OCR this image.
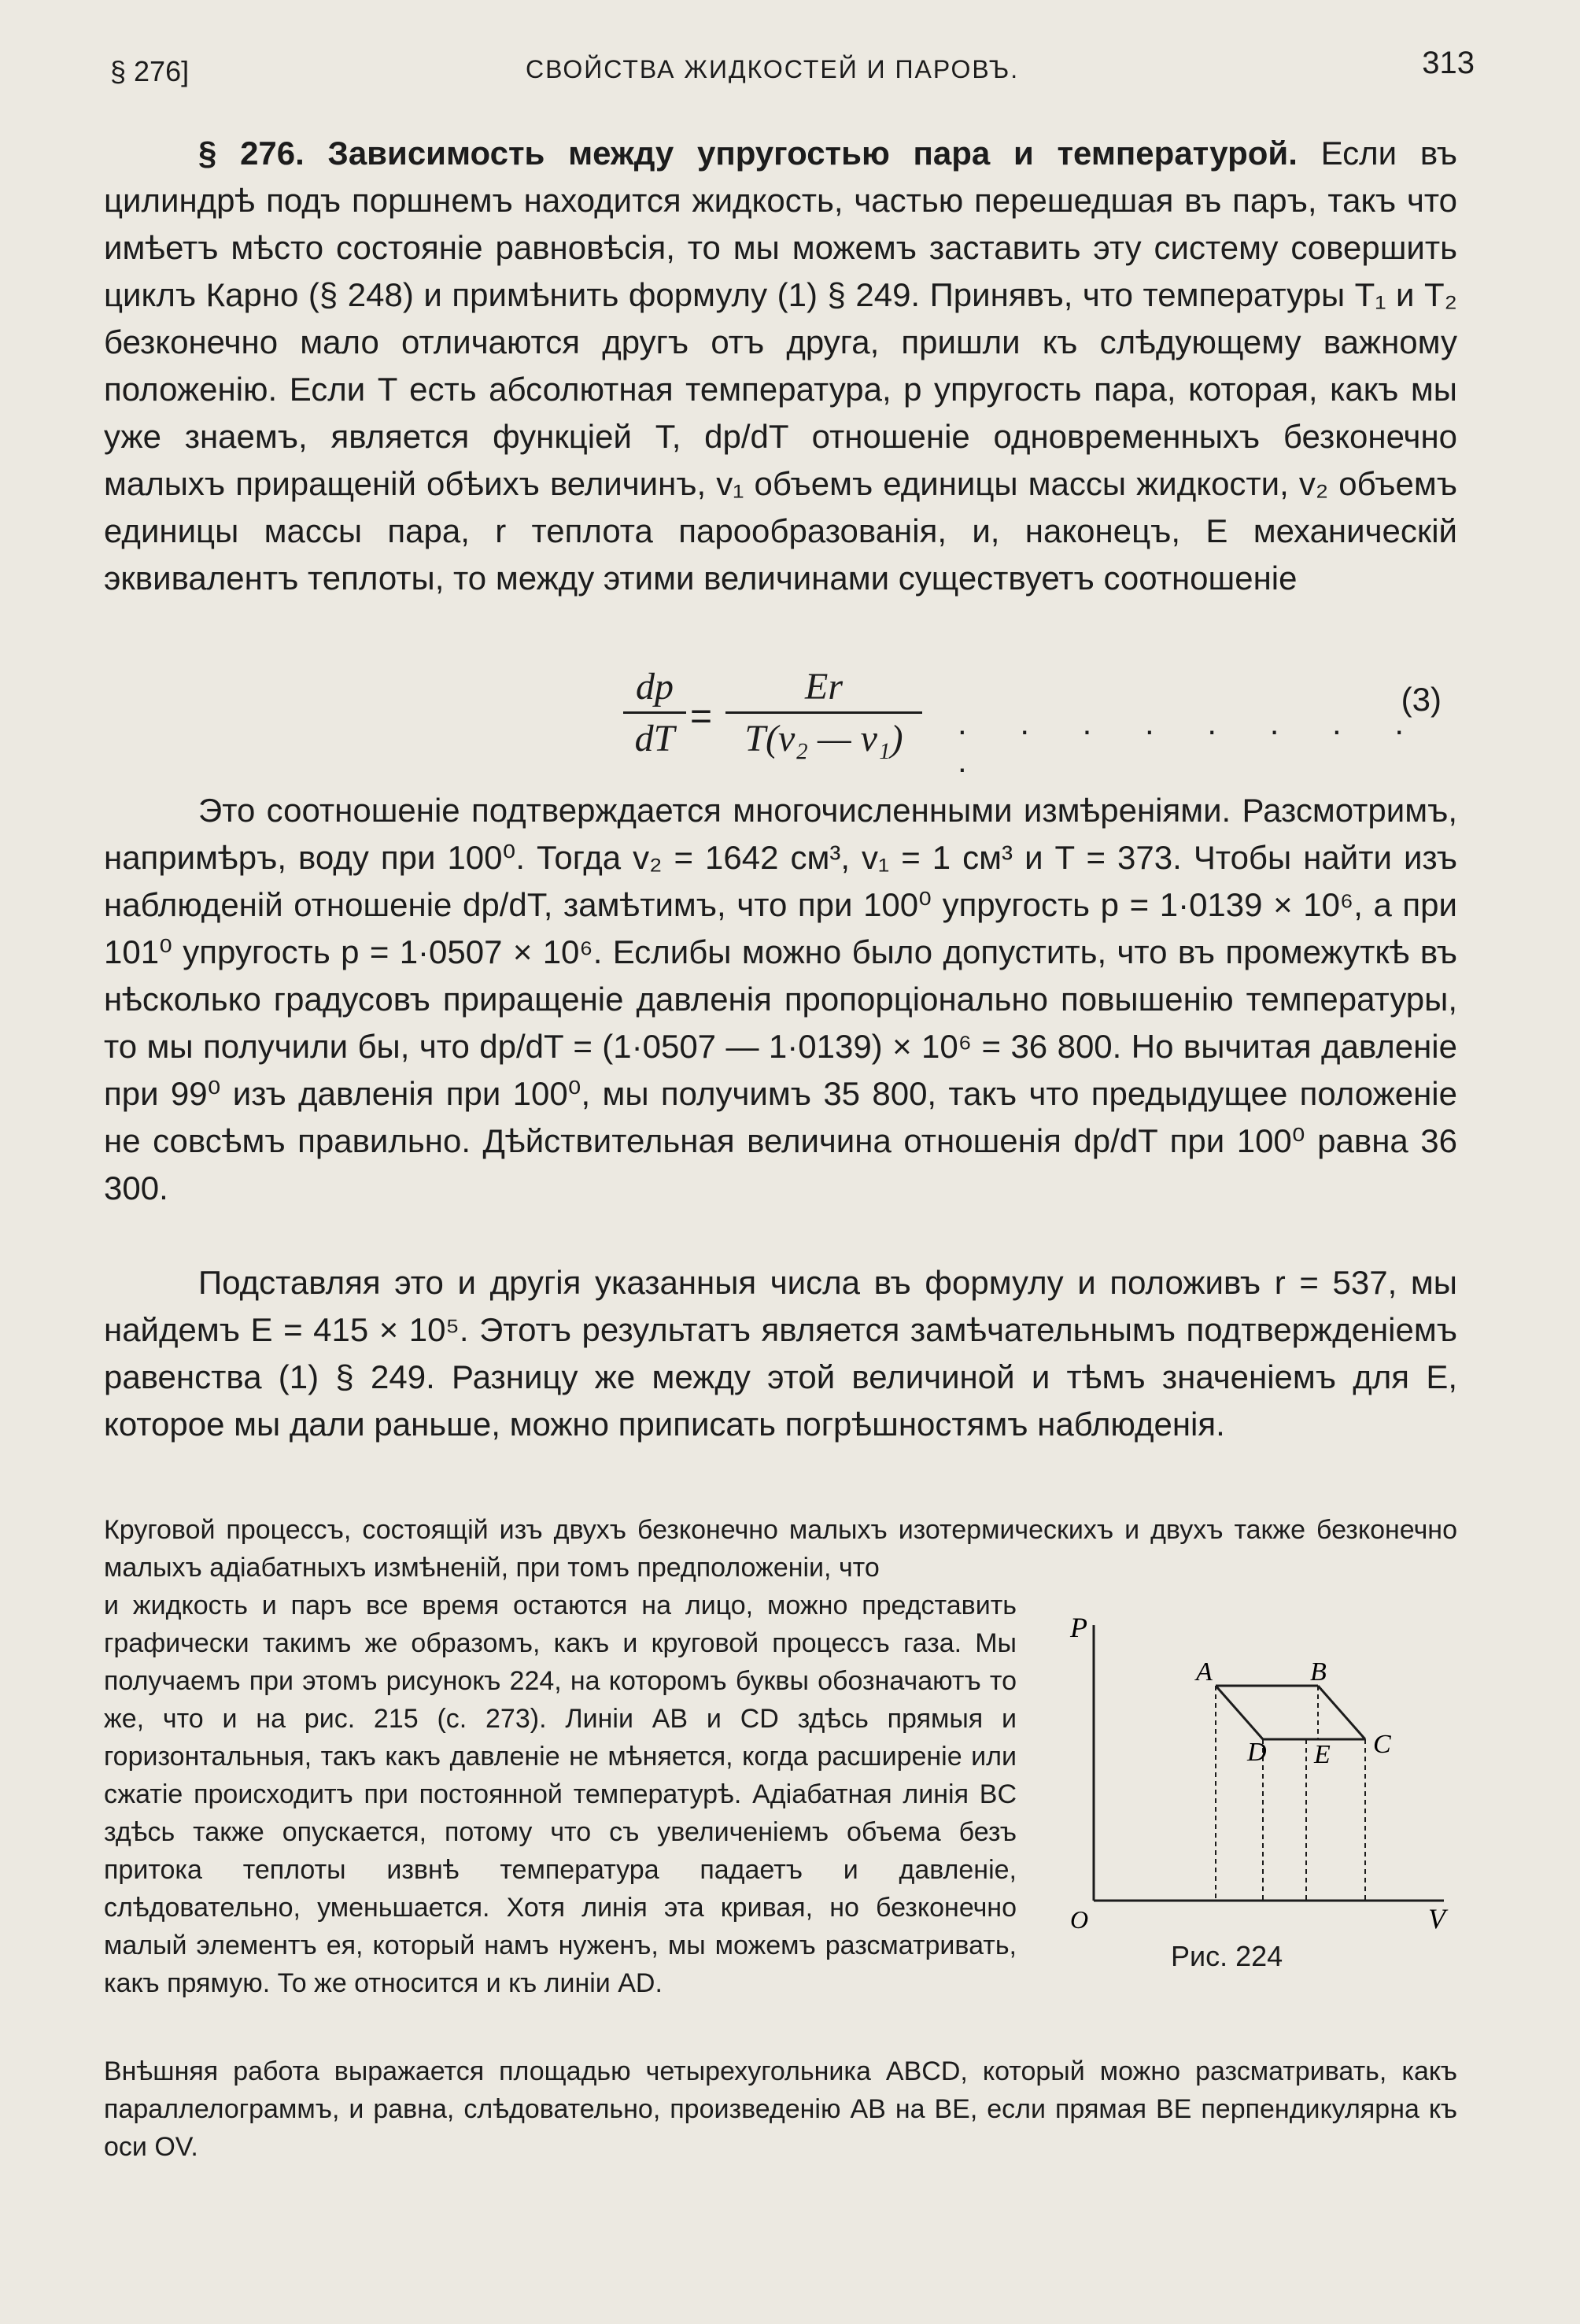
§ 276]	СВОЙСТВА ЖИДКОСТЕЙ И ПАРОВЪ.	313

§ 276. Зависимость между упругостью пара и температурой. Если въ цилиндрѣ подъ поршнемъ находится жидкость, частью перешедшая въ паръ, такъ что имѣетъ мѣсто состояніе равновѣсія, то мы можемъ заставить эту систему совершить циклъ Карно (§ 248) и примѣнить формулу (1) § 249. Принявъ, что температуры T₁ и T₂ безконечно мало отличаются другъ отъ друга, пришли къ слѣдующему важному положенію. Если T есть абсолютная температура, p упругость пара, которая, какъ мы уже знаемъ, является функціей T, dp/dT отношеніе одновременныхъ безконечно малыхъ приращеній обѣихъ величинъ, v₁ объемъ единицы массы жидкости, v₂ объемъ единицы массы пара, r теплота парообразованія, и, наконецъ, E механическій эквивалентъ теплоты, то между этими величинами существуетъ соотношеніе

dp
dT
=
Er
T(v₂ — v₁)	. . . . . . . . .
(3)

Это соотношеніе подтверждается многочисленными измѣреніями. Разсмотримъ, напримѣръ, воду при 100⁰. Тогда v₂ = 1642 см³, v₁ = 1 см³ и T = 373. Чтобы найти изъ наблюденій отношеніе dp/dT, замѣтимъ, что при 100⁰ упругость p = 1·0139 × 10⁶, а при 101⁰ упругость p = 1·0507 × 10⁶. Еслибы можно было допустить, что въ промежуткѣ въ нѣсколько градусовъ приращеніе давленія пропорціонально повышенію температуры, то мы получили бы, что dp/dT = (1·0507 — 1·0139) × 10⁶ = 36 800. Но вычитая давленіе при 99⁰ изъ давленія при 100⁰, мы получимъ 35 800, такъ что предыдущее положеніе не совсѣмъ правильно. Дѣйствительная величина отношенія dp/dT при 100⁰ равна 36 300.

Подставляя это и другія указанныя числа въ формулу и положивъ r = 537, мы найдемъ E = 415 × 10⁵. Этотъ результатъ является замѣчательнымъ подтвержденіемъ равенства (1) § 249. Разницу же между этой величиной и тѣмъ значеніемъ для E, которое мы дали раньше, можно приписать погрѣшностямъ наблюденія.

Круговой процессъ, состоящій изъ двухъ безконечно малыхъ изотермическихъ и двухъ также безконечно малыхъ адіабатныхъ измѣненій, при томъ предположеніи, что

и жидкость и паръ все время остаются на лицо, можно представить графически такимъ же образомъ, какъ и круговой процессъ газа. Мы получаемъ при этомъ рисунокъ 224, на которомъ буквы обозначаютъ то же, что и на рис. 215 (с. 273). Линіи AB и CD здѣсь прямыя и горизонтальныя, такъ какъ давленіе не мѣняется, когда расширеніе или сжатіе происходитъ при постоянной температурѣ. Адіабатная линія BC здѣсь также опускается, потому что съ увеличеніемъ объема безъ притока теплоты извнѣ температура падаетъ и давленіе, слѣдовательно, уменьшается. Хотя линія эта кривая, но безконечно малый элементъ ея, который намъ нуженъ, мы можемъ разсматривать, какъ прямую. То же относится и къ линіи AD.

Внѣшняя работа выражается площадью четырехугольника ABCD, который можно разсматривать, какъ параллелограммъ, и равна, слѣдовательно, произведенію AB на BE, если прямая BE перпендикулярна къ оси OV.

P
O	V
A	B
C
D E
Рис. 224
